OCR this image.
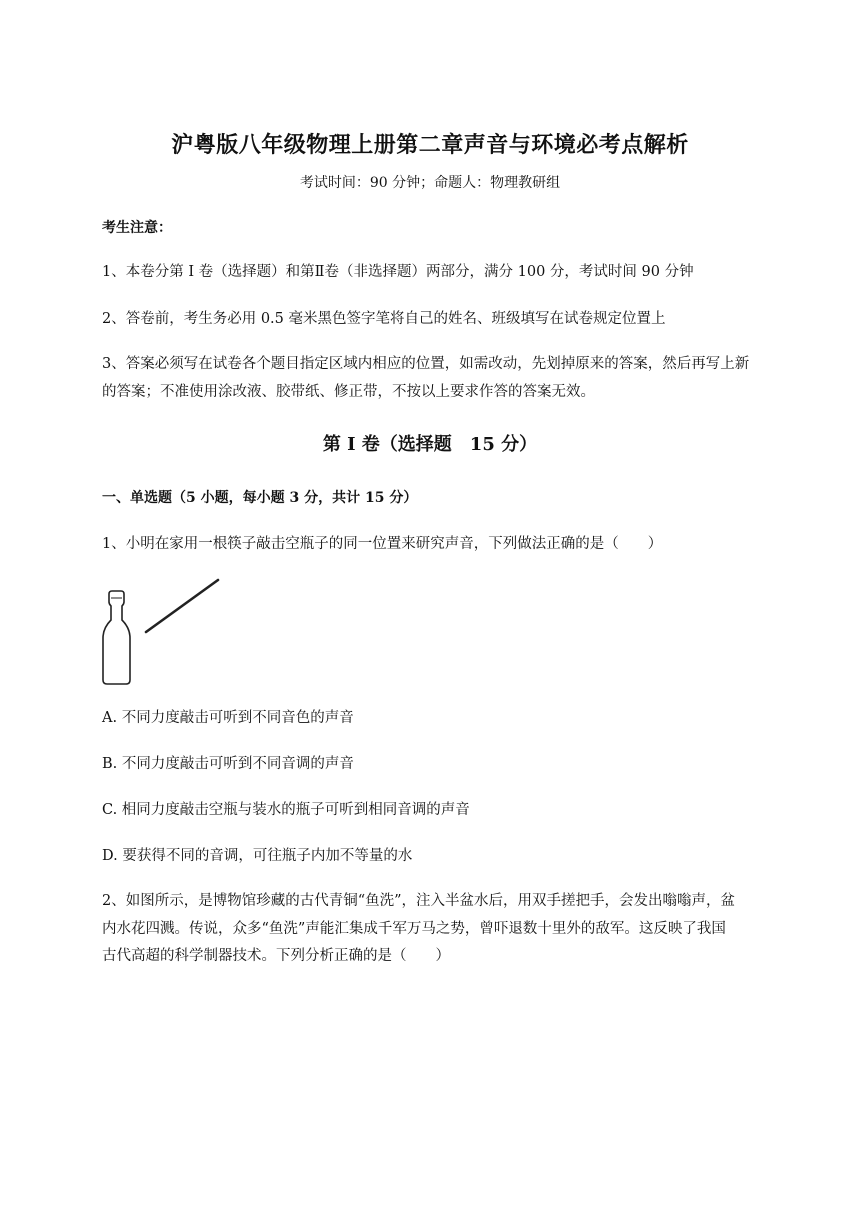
沪粤版八年级物理上册第二章声音与环境必考点解析
考试时间：90 分钟；命题人：物理教研组
考生注意：
1、本卷分第 I 卷（选择题）和第Ⅱ卷（非选择题）两部分，满分 100 分，考试时间 90 分钟
2、答卷前，考生务必用 0.5 毫米黑色签字笔将自己的姓名、班级填写在试卷规定位置上
3、答案必须写在试卷各个题目指定区域内相应的位置，如需改动，先划掉原来的答案，然后再写上新
的答案；不准使用涂改液、胶带纸、修正带，不按以上要求作答的答案无效。
第 I 卷（选择题　15 分）
一、单选题（5 小题，每小题 3 分，共计 15 分）
1、小明在家用一根筷子敲击空瓶子的同一位置来研究声音，下列做法正确的是（　　）
A. 不同力度敲击可听到不同音色的声音
B. 不同力度敲击可听到不同音调的声音
C. 相同力度敲击空瓶与装水的瓶子可听到相同音调的声音
D. 要获得不同的音调，可往瓶子内加不等量的水
2、如图所示，是博物馆珍藏的古代青铜“鱼洗”，注入半盆水后，用双手搓把手，会发出嗡嗡声，盆
内水花四溅。传说，众多“鱼洗”声能汇集成千军万马之势，曾吓退数十里外的敌军。这反映了我国
古代高超的科学制器技术。下列分析正确的是（　　）
